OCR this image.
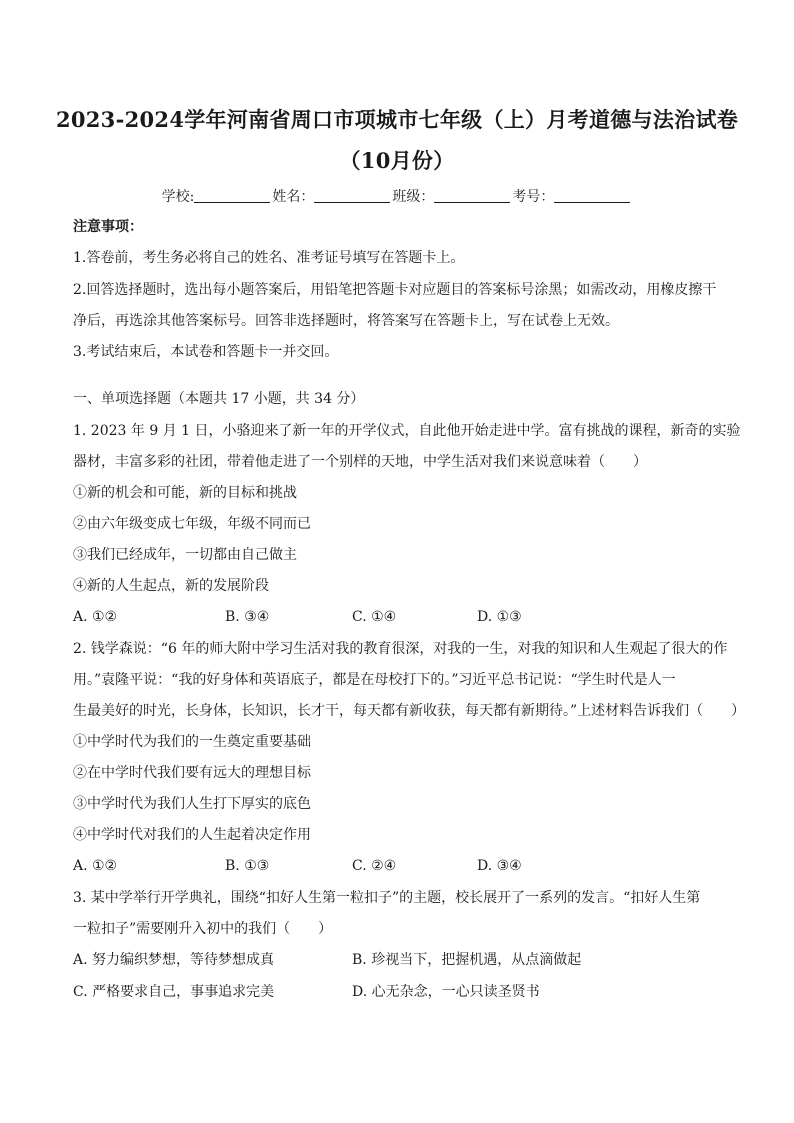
2023-2024学年河南省周口市项城市七年级（上）月考道德与法治试卷
（10月份）
学校:	姓名：	班级：	考号：
注意事项：
1.答卷前，考生务必将自己的姓名、准考证号填写在答题卡上。
2.回答选择题时，选出每小题答案后，用铅笔把答题卡对应题目的答案标号涂黑；如需改动，用橡皮擦干
净后，再选涂其他答案标号。回答非选择题时，将答案写在答题卡上，写在试卷上无效。
3.考试结束后，本试卷和答题卡一并交回。
一、单项选择题（本题共 17 小题，共 34 分）
1. 2023 年 9 月 1 日，小骆迎来了新一年的开学仪式，自此他开始走进中学。富有挑战的课程，新奇的实验
器材，丰富多彩的社团，带着他走进了一个别样的天地，中学生活对我们来说意味着（　　）
①新的机会和可能，新的目标和挑战
②由六年级变成七年级，年级不同而已
③我们已经成年，一切都由自己做主
④新的人生起点，新的发展阶段
A. ①②	B. ③④	C. ①④	D. ①③
2. 钱学森说：“6 年的师大附中学习生活对我的教育很深，对我的一生，对我的知识和人生观起了很大的作
用。”袁隆平说：“我的好身体和英语底子，都是在母校打下的。”习近平总书记说：“学生时代是人一
生最美好的时光，长身体，长知识，长才干，每天都有新收获，每天都有新期待。”上述材料告诉我们（　　）
①中学时代为我们的一生奠定重要基础
②在中学时代我们要有远大的理想目标
③中学时代为我们人生打下厚实的底色
④中学时代对我们的人生起着决定作用
A. ①②	B. ①③	C. ②④	D. ③④
3. 某中学举行开学典礼，围绕“扣好人生第一粒扣子”的主题，校长展开了一系列的发言。“扣好人生第
一粒扣子”需要刚升入初中的我们（　　）
A. 努力编织梦想，等待梦想成真	B. 珍视当下，把握机遇，从点滴做起
C. 严格要求自己，事事追求完美	D. 心无杂念，一心只读圣贤书
